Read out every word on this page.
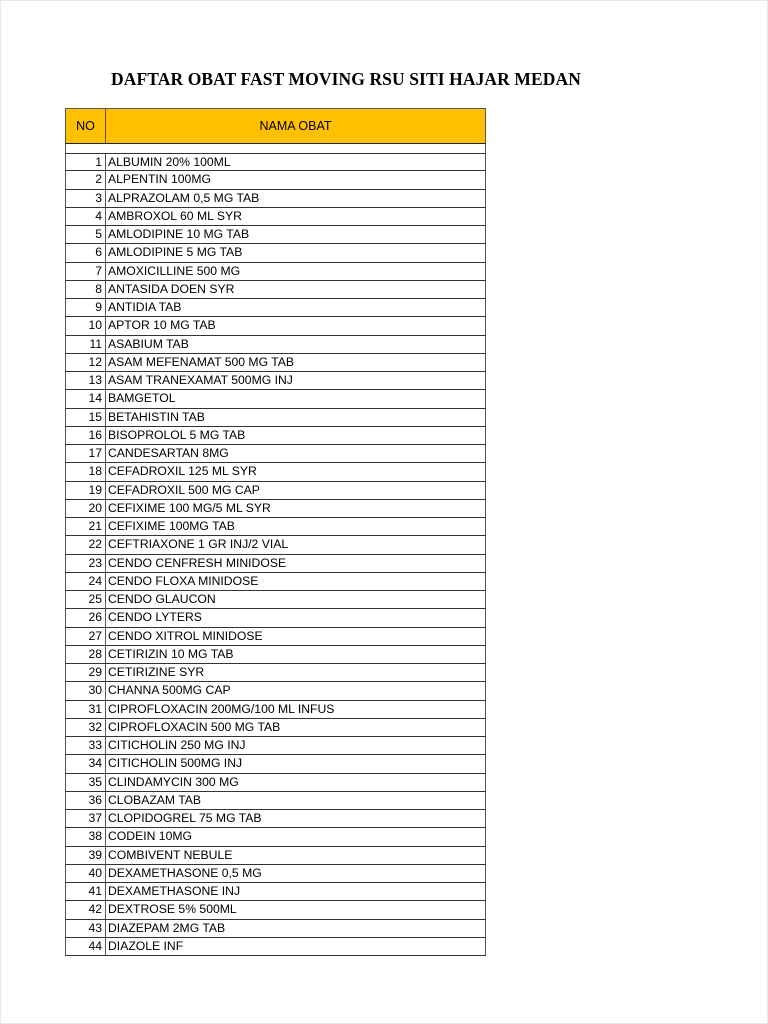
DAFTAR OBAT FAST MOVING RSU SITI HAJAR MEDAN
NO	NAMA OBAT
1 ALBUMIN 20% 100ML
2 ALPENTIN 100MG
3 ALPRAZOLAM 0,5 MG TAB
4 AMBROXOL 60 ML SYR
5 AMLODIPINE 10 MG TAB
6 AMLODIPINE 5 MG TAB
7 AMOXICILLINE 500 MG
8 ANTASIDA DOEN SYR
9 ANTIDIA TAB
10 APTOR 10 MG TAB
11 ASABIUM TAB
12 ASAM MEFENAMAT 500 MG TAB
13 ASAM TRANEXAMAT 500MG INJ
14 BAMGETOL
15 BETAHISTIN TAB
16 BISOPROLOL 5 MG TAB
17 CANDESARTAN 8MG
18 CEFADROXIL 125 ML SYR
19 CEFADROXIL 500 MG CAP
20 CEFIXIME 100 MG/5 ML SYR
21 CEFIXIME 100MG TAB
22 CEFTRIAXONE 1 GR INJ/2 VIAL
23 CENDO CENFRESH MINIDOSE
24 CENDO FLOXA MINIDOSE
25 CENDO GLAUCON
26 CENDO LYTERS
27 CENDO XITROL MINIDOSE
28 CETIRIZIN 10 MG TAB
29 CETIRIZINE SYR
30 CHANNA 500MG CAP
31 CIPROFLOXACIN 200MG/100 ML INFUS
32 CIPROFLOXACIN 500 MG TAB
33 CITICHOLIN 250 MG INJ
34 CITICHOLIN 500MG INJ
35 CLINDAMYCIN 300 MG
36 CLOBAZAM TAB
37 CLOPIDOGREL 75 MG TAB
38 CODEIN 10MG
39 COMBIVENT NEBULE
40 DEXAMETHASONE 0,5 MG
41 DEXAMETHASONE INJ
42 DEXTROSE 5% 500ML
43 DIAZEPAM 2MG TAB
44 DIAZOLE INF
